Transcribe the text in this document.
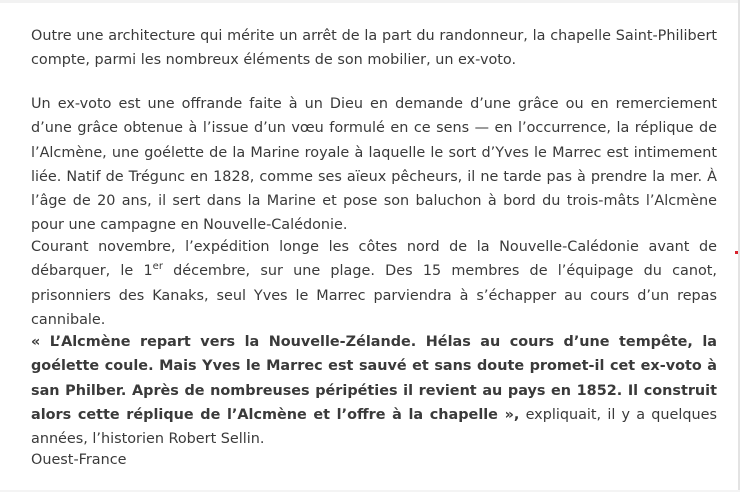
Outre une architecture qui mérite un arrêt de la part du randonneur, la chapelle Saint-Philibert compte, parmi les nombreux éléments de son mobilier, un ex-voto.

Un ex-voto est une offrande faite à un Dieu en demande d’une grâce ou en remerciement d’une grâce obtenue à l’issue d’un vœu formulé en ce sens — en l’occurrence, la réplique de l’Alcmène, une goélette de la Marine royale à laquelle le sort d’Yves le Marrec est intimement liée. Natif de Trégunc en 1828, comme ses aïeux pêcheurs, il ne tarde pas à prendre la mer. À l’âge de 20 ans, il sert dans la Marine et pose son baluchon à bord du trois-mâts l’Alcmène pour une campagne en Nouvelle-Calédonie.

Courant novembre, l’expédition longe les côtes nord de la Nouvelle-Calédonie avant de débarquer, le 1er décembre, sur une plage. Des 15 membres de l’équipage du canot, prisonniers des Kanaks, seul Yves le Marrec parviendra à s’échapper au cours d’un repas cannibale.

« L’Alcmène repart vers la Nouvelle-Zélande. Hélas au cours d’une tempête, la goélette coule. Mais Yves le Marrec est sauvé et sans doute promet-il cet ex-voto à san Philber. Après de nombreuses péripéties il revient au pays en 1852. Il construit alors cette réplique de l’Alcmène et l’offre à la chapelle », expliquait, il y a quelques années, l’historien Robert Sellin.

Ouest-France
